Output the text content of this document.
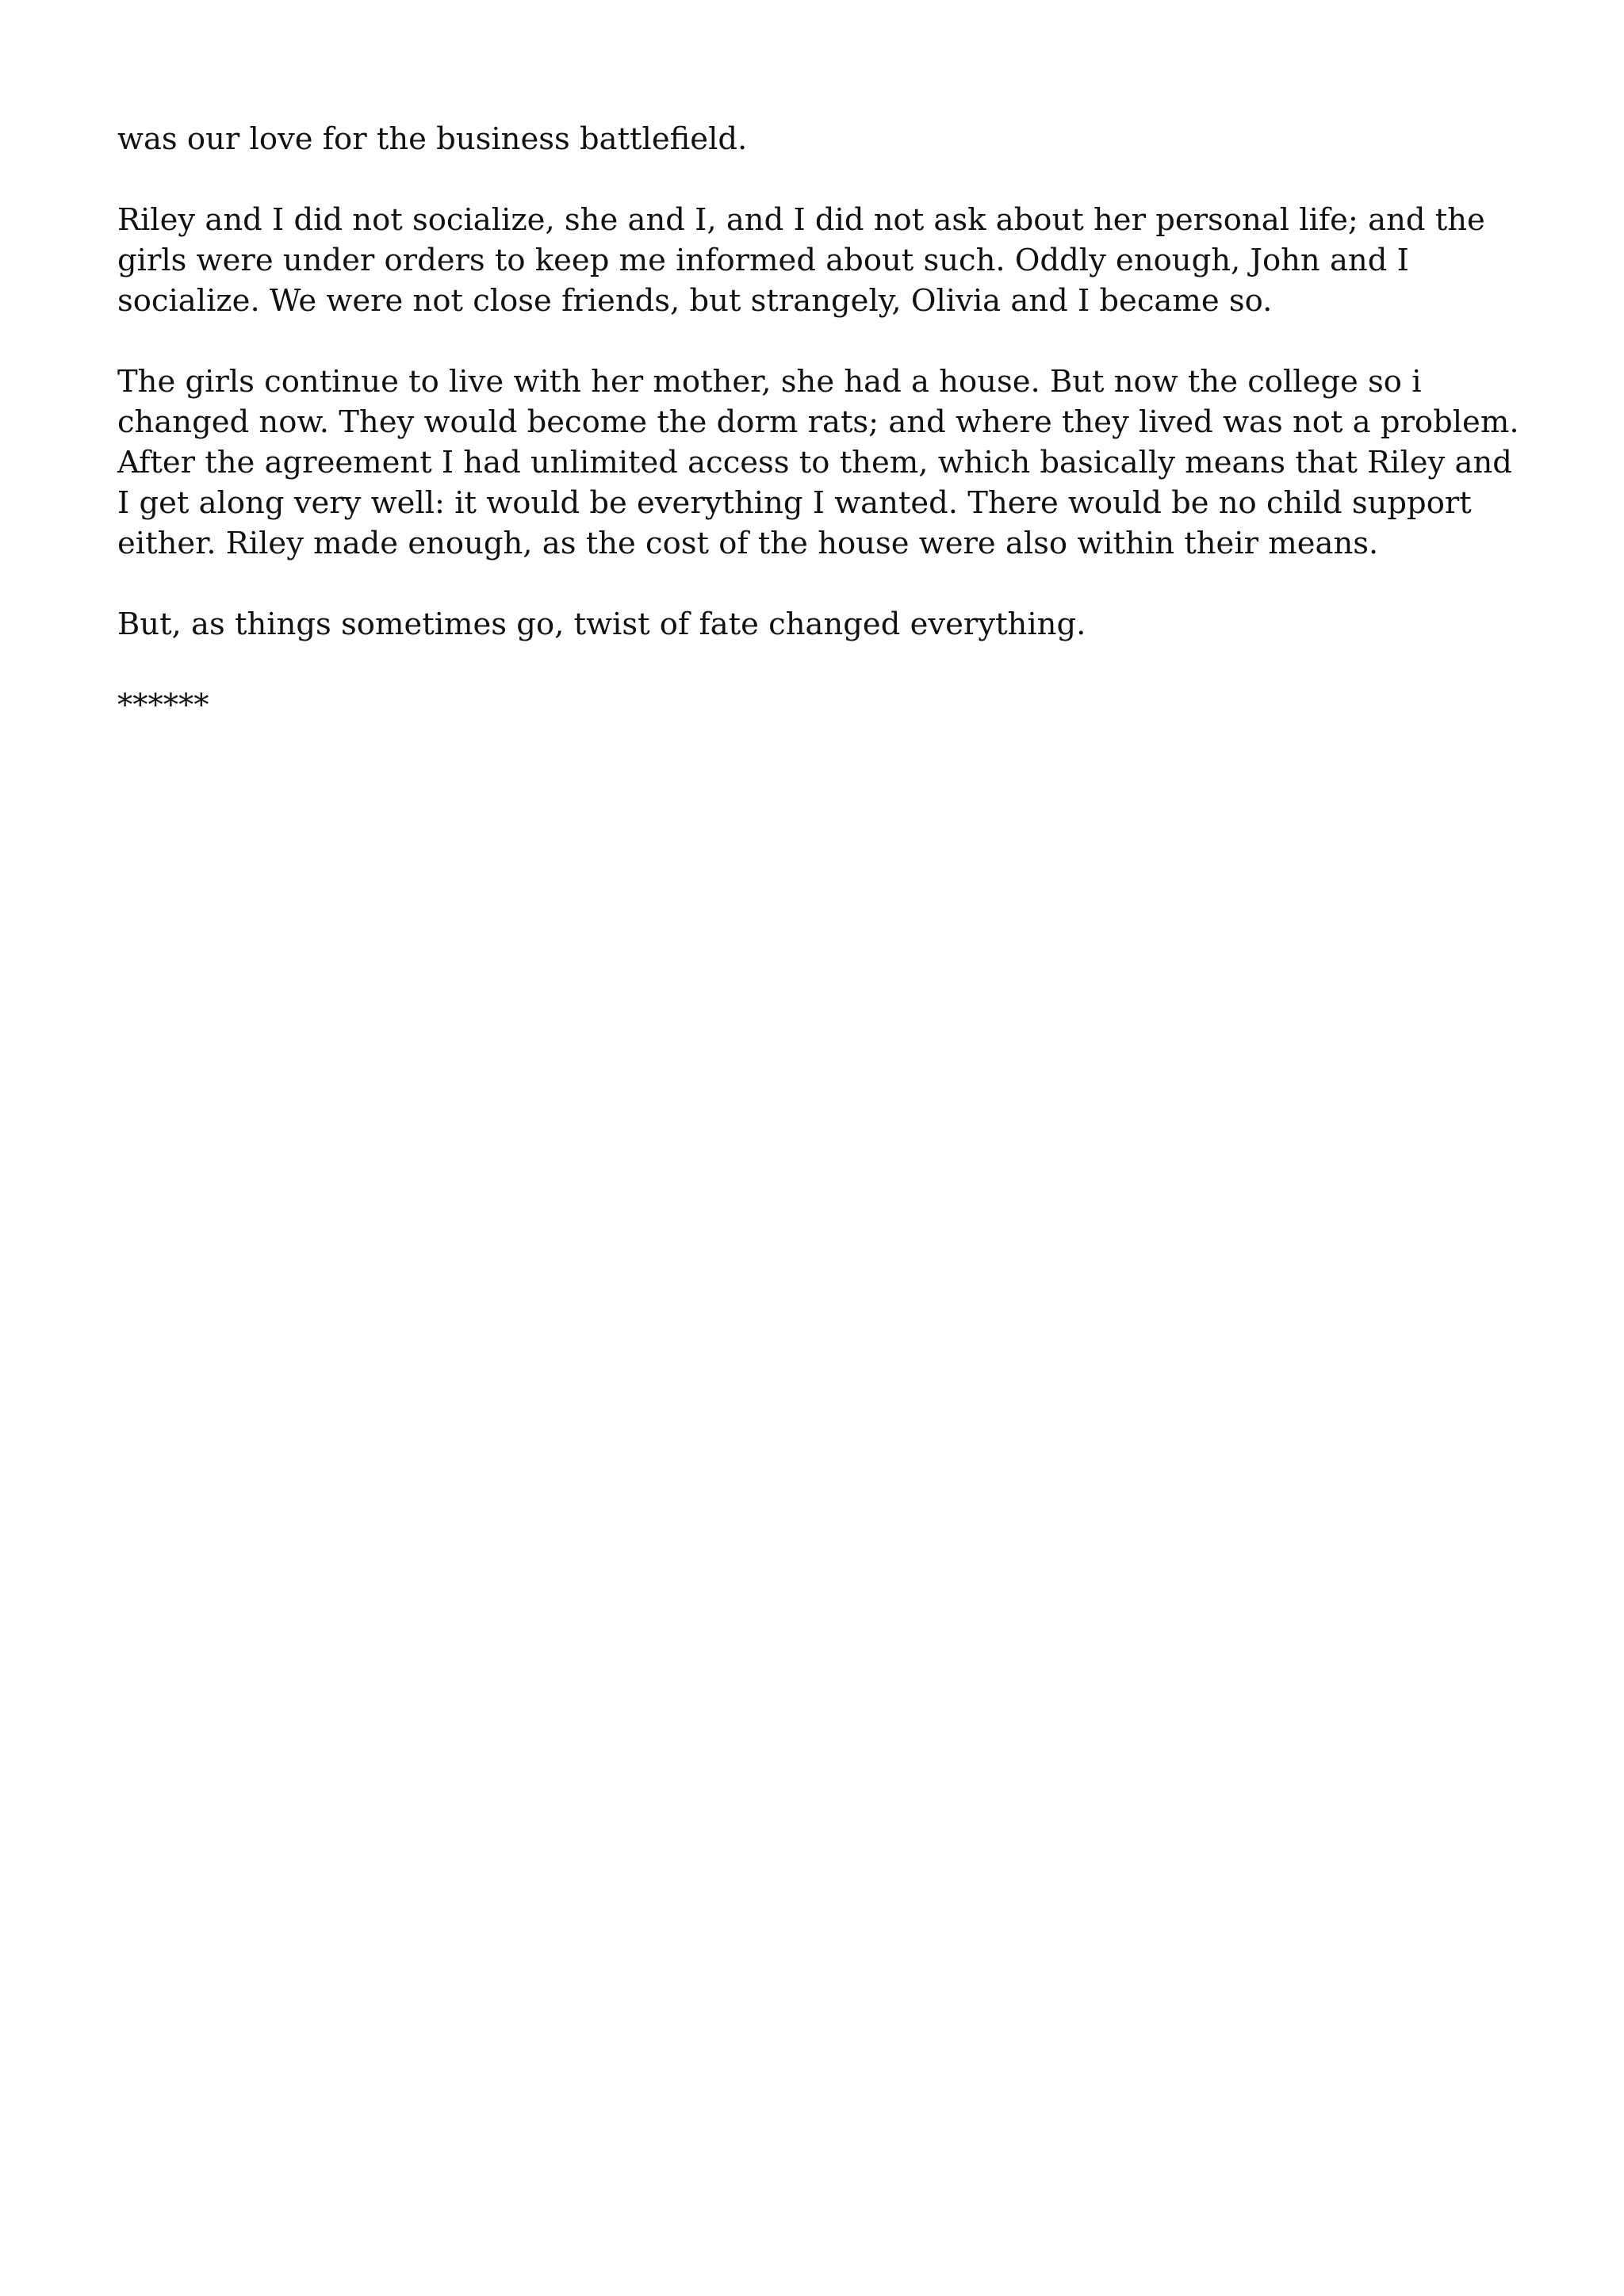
was our love for the business battlefield.

Riley and I did not socialize, she and I, and I did not ask about her personal life; and the girls were under orders to keep me informed about such. Oddly enough, John and I socialize. We were not close friends, but strangely, Olivia and I became so.

The girls continue to live with her mother, she had a house. But now the college so i changed now. They would become the dorm rats; and where they lived was not a problem. After the agreement I had unlimited access to them, which basically means that Riley and I get along very well: it would be everything I wanted. There would be no child support either. Riley made enough, as the cost of the house were also within their means.

But, as things sometimes go, twist of fate changed everything.

******
